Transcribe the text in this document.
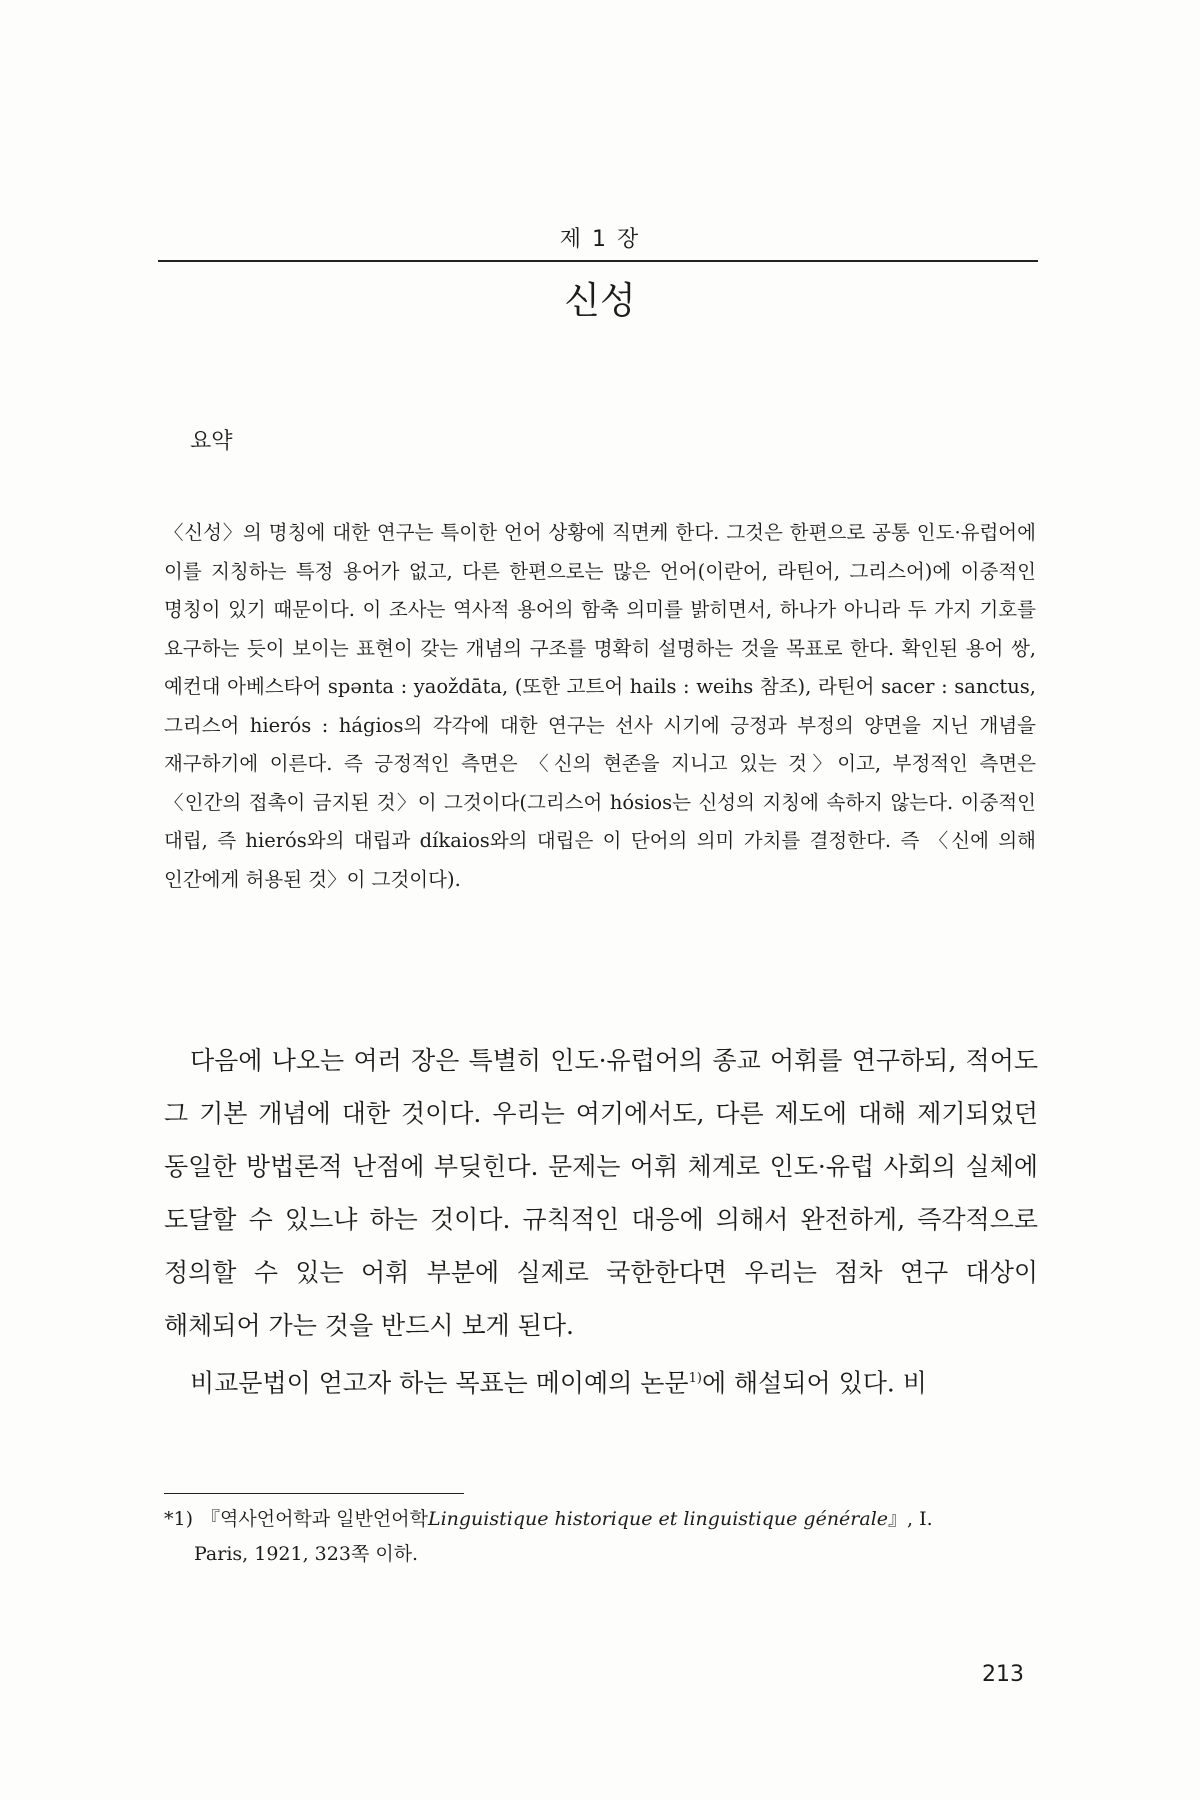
제 1 장
신성
요약

〈신성〉의 명칭에 대한 연구는 특이한 언어 상황에 직면케 한다. 그것은 한편으로 공통 인도·유럽어에 이를 지칭하는 특정 용어가 없고, 다른 한편으로는 많은 언어(이란어, 라틴어, 그리스어)에 이중적인 명칭이 있기 때문이다. 이 조사는 역사적 용어의 함축 의미를 밝히면서, 하나가 아니라 두 가지 기호를 요구하는 듯이 보이는 표현이 갖는 개념의 구조를 명확히 설명하는 것을 목표로 한다. 확인된 용어 쌍, 예컨대 아베스타어 spənta : yaoždāta, (또한 고트어 hails : weihs 참조), 라틴어 sacer : sanctus, 그리스어 hierós : hágios의 각각에 대한 연구는 선사 시기에 긍정과 부정의 양면을 지닌 개념을 재구하기에 이른다. 즉 긍정적인 측면은 〈신의 현존을 지니고 있는 것〉이고, 부정적인 측면은 〈인간의 접촉이 금지된 것〉이 그것이다(그리스어 hósios는 신성의 지칭에 속하지 않는다. 이중적인 대립, 즉 hierós와의 대립과 díkaios와의 대립은 이 단어의 의미 가치를 결정한다. 즉 〈신에 의해 인간에게 허용된 것〉이 그것이다).

다음에 나오는 여러 장은 특별히 인도·유럽어의 종교 어휘를 연구하되, 적어도 그 기본 개념에 대한 것이다. 우리는 여기에서도, 다른 제도에 대해 제기되었던 동일한 방법론적 난점에 부딪힌다. 문제는 어휘 체계로 인도·유럽 사회의 실체에 도달할 수 있느냐 하는 것이다. 규칙적인 대응에 의해서 완전하게, 즉각적으로 정의할 수 있는 어휘 부분에 실제로 국한한다면 우리는 점차 연구 대상이 해체되어 가는 것을 반드시 보게 된다.

비교문법이 얻고자 하는 목표는 메이예의 논문$^{1)}$에 해설되어 있다. 비

*1) 『역사언어학과 일반언어학Linguistique historique et linguistique générale』, I.
Paris, 1921, 323쪽 이하.

213
